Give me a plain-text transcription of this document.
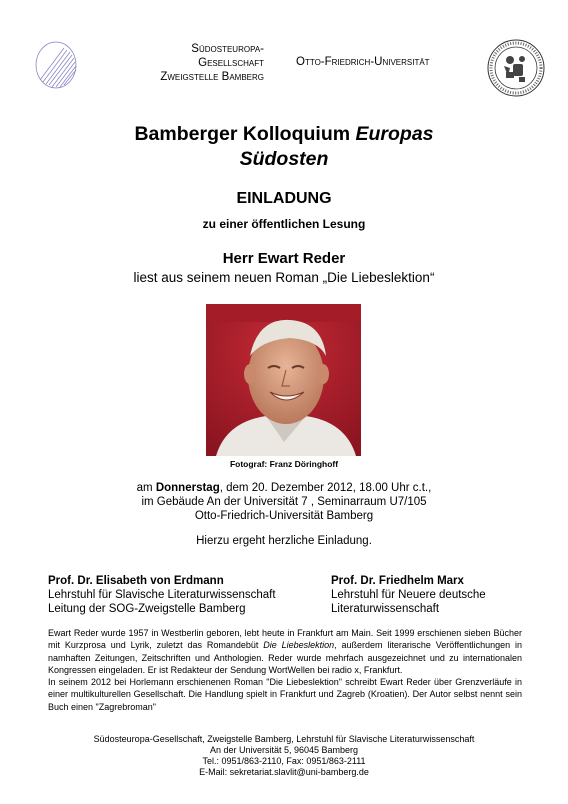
Südosteuropa-
Gesellschaft
Zweigstelle Bamberg
Otto-Friedrich-Universität
Bamberger Kolloquium Europas
Südosten
EINLADUNG
zu einer öffentlichen Lesung
Herr Ewart Reder
liest aus seinem neuen Roman „Die Liebeslektion“
Fotograf: Franz Döringhoff
am Donnerstag, dem 20. Dezember 2012, 18.00 Uhr c.t.,
im Gebäude An der Universität 7 , Seminarraum U7/105
Otto-Friedrich-Universität Bamberg
Hierzu ergeht herzliche Einladung.
Prof. Dr. Elisabeth von Erdmann
Lehrstuhl für Slavische Literaturwissenschaft
Leitung der SOG-Zweigstelle Bamberg
Prof. Dr. Friedhelm Marx
Lehrstuhl für Neuere deutsche
Literaturwissenschaft
Ewart Reder wurde 1957 in Westberlin geboren, lebt heute in Frankfurt am Main. Seit 1999 erschienen sieben Bücher mit Kurzprosa und Lyrik, zuletzt das Romandebüt Die Liebeslektion, außerdem literarische Veröffentlichungen in namhaften Zeitungen, Zeitschriften und Anthologien. Reder wurde mehrfach ausgezeichnet und zu internationalen Kongressen eingeladen. Er ist Redakteur der Sendung WortWellen bei radio x, Frankfurt.
In seinem 2012 bei Horlemann erschienenen Roman "Die Liebeslektion" schreibt Ewart Reder über Grenzverläufe in einer multikulturellen Gesellschaft. Die Handlung spielt in Frankfurt und Zagreb (Kroatien). Der Autor selbst nennt sein Buch einen "Zagrebroman"
Südosteuropa-Gesellschaft, Zweigstelle Bamberg, Lehrstuhl für Slavische Literaturwissenschaft
An der Universität 5, 96045 Bamberg
Tel.: 0951/863-2110, Fax: 0951/863-2111
E-Mail: sekretariat.slavlit@uni-bamberg.de
